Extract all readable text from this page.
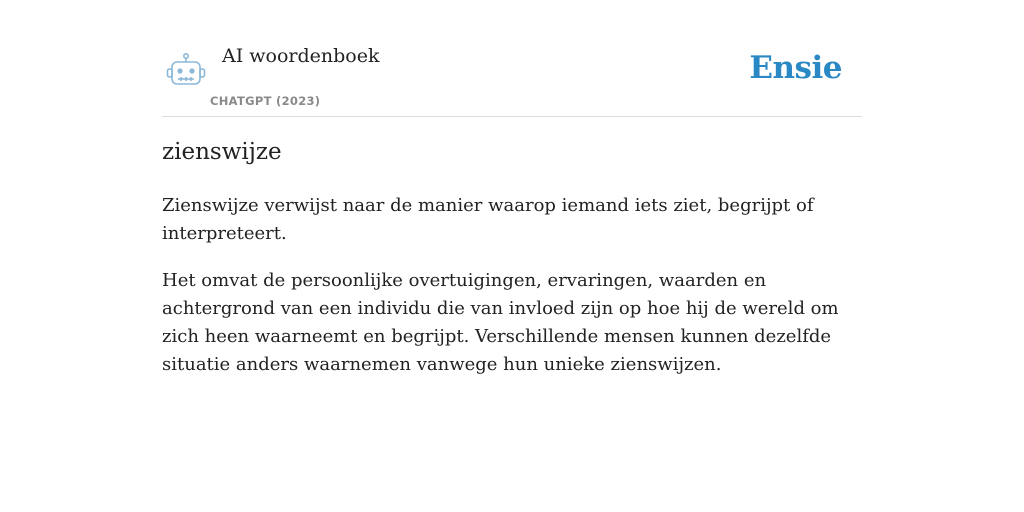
AI woordenboek
CHATGPT (2023)
Ensie
zienswijze

Zienswijze verwijst naar de manier waarop iemand iets ziet, begrijpt of interpreteert.

Het omvat de persoonlijke overtuigingen, ervaringen, waarden en achtergrond van een individu die van invloed zijn op hoe hij de wereld om zich heen waarneemt en begrijpt. Verschillende mensen kunnen dezelfde situatie anders waarnemen vanwege hun unieke zienswijzen.
